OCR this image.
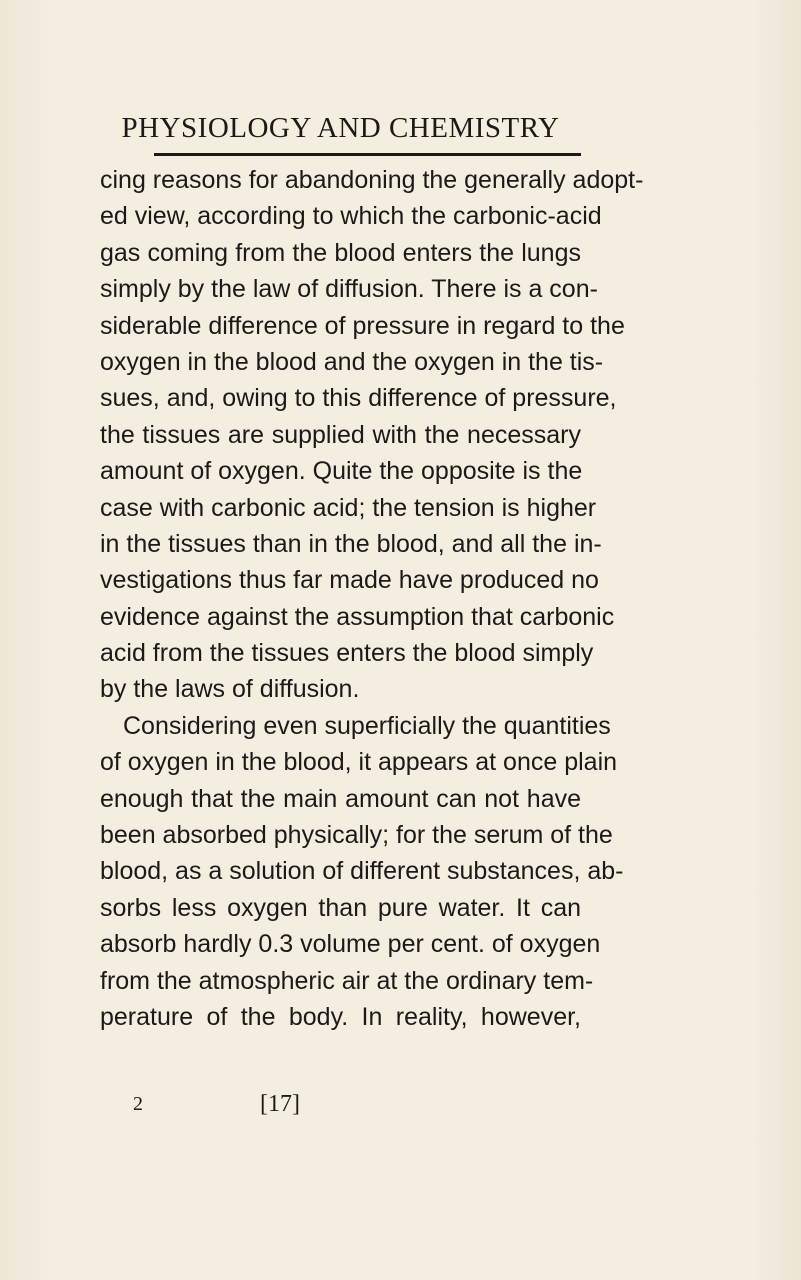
PHYSIOLOGY AND CHEMISTRY
cing reasons for abandoning the generally adopt-
ed view, according to which the carbonic-acid
gas coming from the blood enters the lungs
simply by the law of diffusion. There is a con-
siderable difference of pressure in regard to the
oxygen in the blood and the oxygen in the tis-
sues, and, owing to this difference of pressure,
the tissues are supplied with the necessary
amount of oxygen. Quite the opposite is the
case with carbonic acid; the tension is higher
in the tissues than in the blood, and all the in-
vestigations thus far made have produced no
evidence against the assumption that carbonic
acid from the tissues enters the blood simply
by the laws of diffusion.
Considering even superficially the quantities
of oxygen in the blood, it appears at once plain
enough that the main amount can not have
been absorbed physically; for the serum of the
blood, as a solution of different substances, ab-
sorbs less oxygen than pure water. It can
absorb hardly 0.3 volume per cent. of oxygen
from the atmospheric air at the ordinary tem-
perature of the body. In reality, however,
2	[17]
